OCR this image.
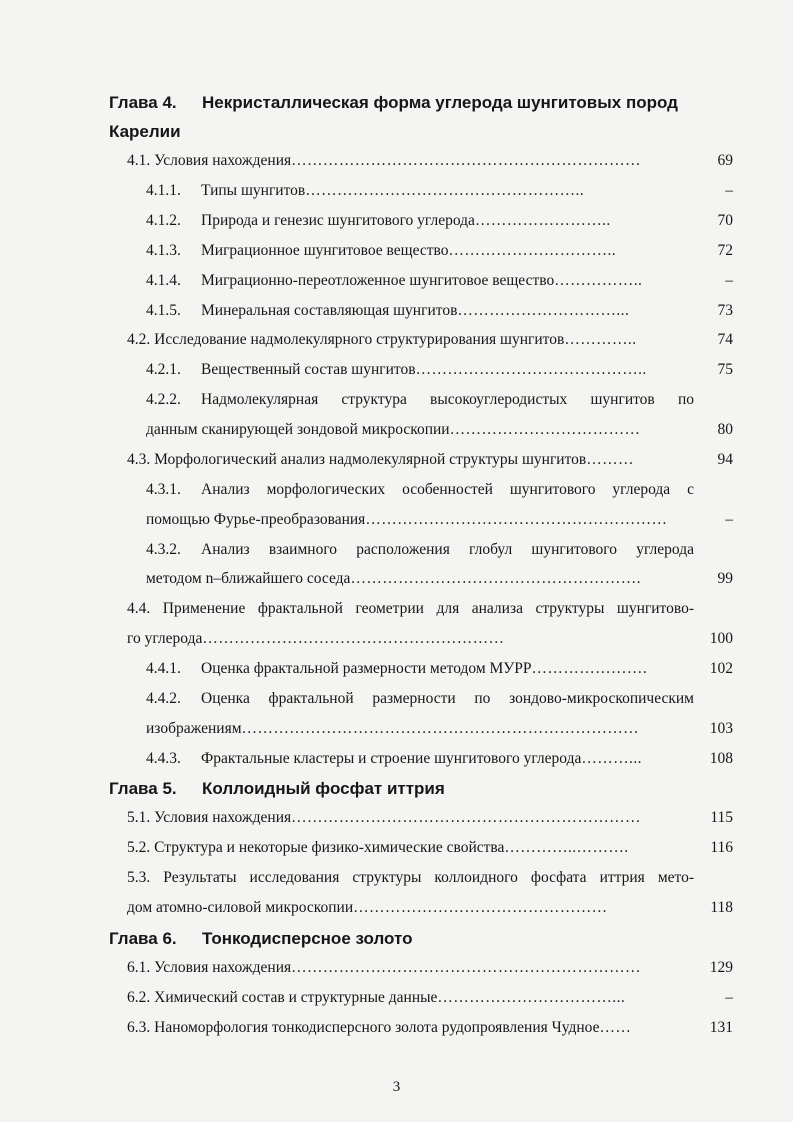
Глава 4. Некристаллическая форма углерода шунгитовых пород
Карелии
4.1. Условия нахождения…………………………………………………………	69
4.1.1. Типы шунгитов……………………………………………..	–
4.1.2. Природа и генезис шунгитового углерода……………………..	70
4.1.3. Миграционное шунгитовое вещество…………………………..	72
4.1.4. Миграционно-переотложенное шунгитовое вещество……………..	–
4.1.5. Минеральная составляющая шунгитов…………………………...	73
4.2. Исследование надмолекулярного структурирования шунгитов…………..	74
4.2.1. Вещественный состав шунгитов……………………………………..	75
4.2.2. Надмолекулярная структура высокоуглеродистых шунгитов по
данным сканирующей зондовой микроскопии………………………………	80
4.3. Морфологический анализ надмолекулярной структуры шунгитов………	94
4.3.1. Анализ морфологических особенностей шунгитового углерода с
помощью Фурье-преобразования…………………………………………………	–
4.3.2. Анализ взаимного расположения глобул шунгитового углерода
методом n–ближайшего соседа……………………………………………….	99
4.4. Применение фрактальной геометрии для анализа структуры шунгитово-
го углерода…………………………………………………	100
4.4.1. Оценка фрактальной размерности методом МУРР………………….	102
4.4.2. Оценка фрактальной размерности по зондово-микроскопическим
изображениям…………………………………………………………………	103
4.4.3. Фрактальные кластеры и строение шунгитового углерода………...	108
Глава 5. Коллоидный фосфат иттрия
5.1. Условия нахождения…………………………………………………………	115
5.2. Структура и некоторые физико-химические свойства…………..……….	116
5.3. Результаты исследования структуры коллоидного фосфата иттрия мето-
дом атомно-силовой микроскопии…………………………………………	118
Глава 6. Тонкодисперсное золото
6.1. Условия нахождения…………………………………………………………	129
6.2. Химический состав и структурные данные……………………………...	–
6.3. Наноморфология тонкодисперсного золота рудопроявления Чудное……	131
3
